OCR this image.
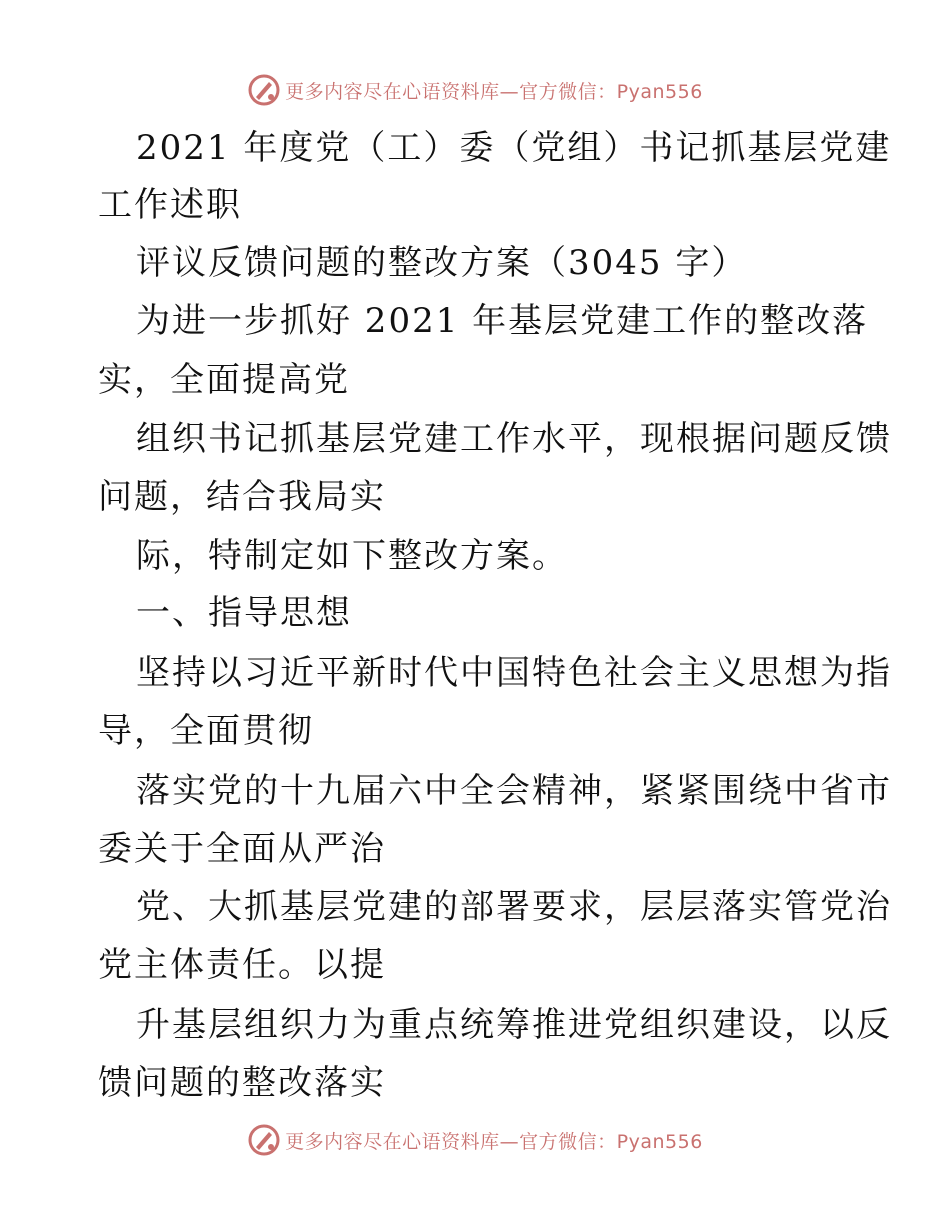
更多内容尽在心语资料库—官方微信：Pyan556
2021 年度党（工）委（党组）书记抓基层党建
工作述职
评议反馈问题的整改方案（3045 字）
为进一步抓好 2021 年基层党建工作的整改落
实，全面提高党
组织书记抓基层党建工作水平，现根据问题反馈
问题，结合我局实
际，特制定如下整改方案。
一、指导思想
坚持以习近平新时代中国特色社会主义思想为指
导，全面贯彻
落实党的十九届六中全会精神，紧紧围绕中省市
委关于全面从严治
党、大抓基层党建的部署要求，层层落实管党治
党主体责任。以提
升基层组织力为重点统筹推进党组织建设，以反
馈问题的整改落实
更多内容尽在心语资料库—官方微信：Pyan556
